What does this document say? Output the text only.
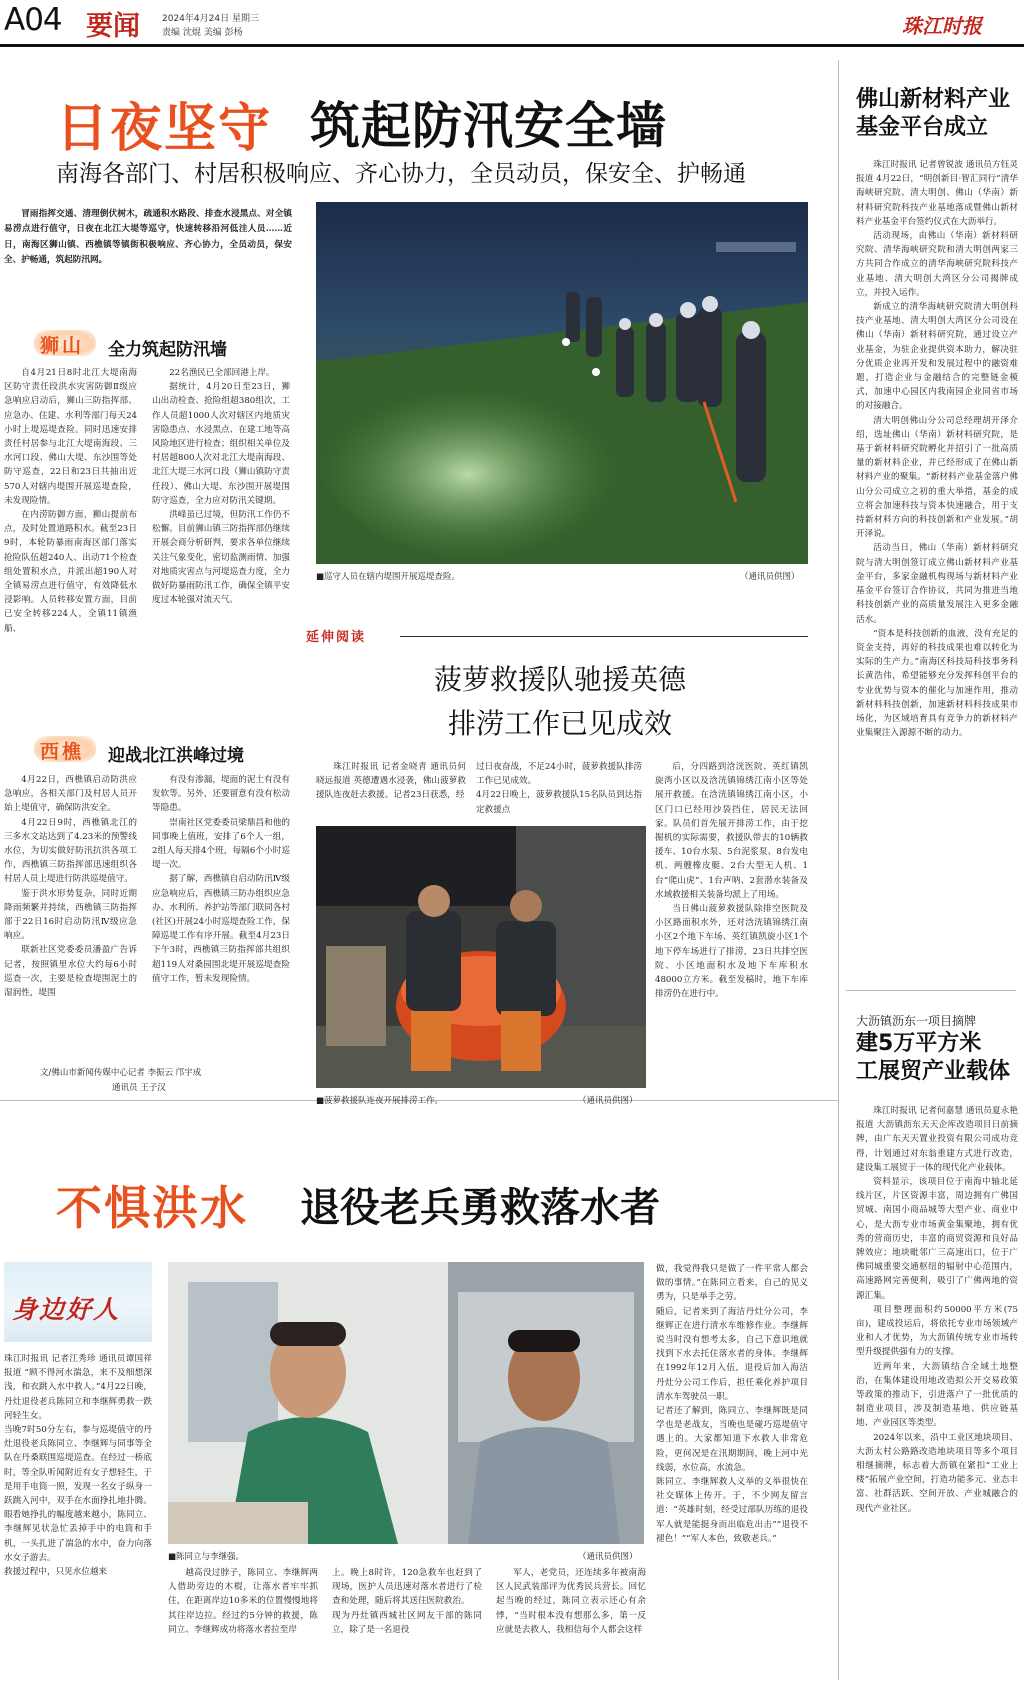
A04 要闻 2024年4月24日 星期三
责编 沈焜 美编 彭杨	珠江时报
日夜坚守 筑起防汛安全墙
南海各部门、村居积极响应、齐心协力，全员动员，保安全、护畅通

冒雨指挥交通、清理倒伏树木，疏通积水路段、排查水浸黑点、对全镇易涝点进行值守，日夜在北江大堤等巡守，快速转移沿河低洼人员……近日，南海区狮山镇、西樵镇等镇街积极响应、齐心协力，全员动员，保安全、护畅通，筑起防汛网。

狮山 全力筑起防汛墙

自4月21日8时北江大堤南海区防守责任段洪水灾害防御Ⅱ级应急响应启动后，狮山三防指挥部、应急办、住建、水利等部门每天24小时上堤巡堤查险。同时迅速安排责任村居参与北江大堤南海段、三水河口段、佛山大堤、东沙围等处防守巡查，22日和23日共抽出近570人对辖内堤围开展巡堤查险，未发现险情。

在内涝防御方面，狮山提前布点，及时处置道路积水。截至23日9时，本轮防暴雨南海区部门落实抢险队伍超240人、出动71个检查组处置积水点，并派出超190人对全镇易涝点进行值守，有效降低水浸影响。人员转移安置方面，目前已安全转移224人，全镇11镇渔船、

22名渔民已全部回港上岸。

据统计，4月20日至23日，狮山出动检查、抢险组超380组次，工作人员超1000人次对辖区内地质灾害隐患点、水浸黑点、在建工地等高风险地区进行检查；组织相关单位及村居超800人次对北江大堤南海段、北江大堤三水河口段（狮山镇防守责任段）、佛山大堤、东沙围开展堤围防守巡查，全力应对防汛关键期。

洪峰虽已过境，但防汛工作仍不松懈。目前狮山镇三防指挥部仍继续开展会商分析研判，要求各单位继续关注气象变化，密切监测雨情、加强对地质灾害点与河堤巡查力度，全力做好防暴雨防汛工作，确保全镇平安度过本轮强对流天气。

西樵 迎战北江洪峰过境

4月22日，西樵镇启动防洪应急响应，各相关部门及村居人员开始上堤值守，确保防洪安全。

4月22日9时，西樵镇北江的三多水文站达到了4.23米的预警线水位，为切实做好防汛抗洪各项工作，西樵镇三防指挥部迅速组织各村居人员上堤进行防洪巡堤值守。

鉴于洪水形势复杂，同时近期降雨频繁并持续，西樵镇三防指挥部于22日16时启动防汛Ⅳ级应急响应。

联新社区党委委员潘盈广告诉记者，按照镇里水位大约每6小时巡查一次，主要是检查堤围泥土的湿润性，堤围

有没有渗漏，堤面的泥土有没有发软等。另外，还要留意有没有松动等隐患。

崇南社区党委委员梁鼎昌和他的同事晚上值班，安排了6个人一组，2组人每天排4个班，每隔6个小时巡堤一次。

据了解，西樵镇自启动防汛Ⅳ级应急响应后，西樵镇三防办组织应急办、水利所、养护站等部门联同各村(社区)开展24小时巡堤查险工作，保障巡堤工作有序开展。截至4月23日下午3时，西樵镇三防指挥部共组织超119人对桑园围北堤开展巡堤查险值守工作，暂未发现险情。

文/佛山市新闻传媒中心记者 李振云 邝宇成
通讯员 王子汉
■巡守人员在辖内堤围开展巡堤查险。	（通讯员供图）
延伸阅读
菠萝救援队驰援英德
排涝工作已见成效

珠江时报讯 记者金晓青 通讯员何晓远报道 英德遭遇水浸袭，佛山菠萝救援队连夜赶去救援。记者23日获悉，经

过日夜奋战，不足24小时，菠萝救援队排涝工作已见成效。
4月22日晚上，菠萝救援队15名队员到达指定救援点

后，分四路到浛洸医院、英红镇凯旋湾小区以及浛洸镇锦绣江南小区等处展开救援。在浛洸镇锦绣江南小区，小区门口已经用沙袋挡住，居民无法回家。队员们首先展开排涝工作，由于挖掘机的实际需要，救援队带去的10辆救援车、10台水泵、5台泥浆泵、8台发电机、两艘橡皮艇、2台大型无人机、1台“爬山虎”、1台声呐、2套潜水装备及水域救援相关装备均派上了用场。

当日佛山菠萝救援队除排空医院及小区路面积水外，还对浛洸镇锦绣江南小区2个地下车场、英红镇凯旋小区1个地下停车场进行了排涝，23日共排空医院、小区地面积水及地下车库积水48000立方米。截至发稿时，地下车库排涝仍在进行中。

■菠萝救援队连夜开展排涝工作。	（通讯员供图）
佛山新材料产业
基金平台成立

珠江时报讯 记者曾锐波 通讯员方钰灵报道 4月22日，“明创新目·智汇同行”清华海峡研究院、清大明创、佛山（华南）新材料研究院科技产业基地落成暨佛山新材料产业基金平台签约仪式在大沥举行。

活动现场，由佛山（华南）新材料研究院、清华海峡研究院和清大明创两家三方共同合作成立的清华海峡研究院科技产业基地、清大明创大湾区分公司揭牌成立，并投入运作。

新成立的清华海峡研究院清大明创科技产业基地、清大明创大湾区分公司设在佛山（华南）新材料研究院，通过设立产业基金，为驻企业提供资本助力，解决驻分优质企业再开发和发展过程中的融资难题，打造企业与金融结合的完整链金模式，加速中心园区内我南园企业同省市场的对接融合。

清大明创佛山分公司总经理胡开泽介绍，选址佛山（华南）新材料研究院，是基于新材料研究院孵化并招引了一批高质量的新材料企业，并已经形成了在佛山新材料产业的聚集。“新材料产业基金落户佛山分公司成立之初的重大举措，基金的成立将会加速科技与资本快速融合，用于支持新材料方向的科技创新和产业发展。”胡开泽说。

活动当日，佛山（华南）新材料研究院与清大明创签订成立佛山新材料产业基金平台，多家金融机构现场与新材料产业基金平台签订合作协议，共同为推进当地科技创新产业的高质量发展注入更多金融活水。

“资本是科技创新的血液，没有充足的资金支持，再好的科技成果也难以转化为实际的生产力。”南海区科技局科技事务科长黄浩伟，希望能够充分发挥科创平台的专业优势与资本的催化与加速作用，推动新材料科技创新，加速新材料科技成果市场化，为区域培育具有竞争力的新材料产业集聚注入源源不断的动力。

大沥镇沥东一项目摘牌
建5万平方米
工展贸产业载体

珠江时报讯 记者何嘉慧 通讯员夏永艳报道 大沥镇沥东天天企库改造项目日前摘牌，由广东天天置业投资有限公司成功竞得，计划通过对东翁重建方式进行改造，建设集工展贸于一体的现代化产业载体。

资料显示，该项目位于南海中轴北延线片区，片区资源丰富，周边拥有广佛国贸城、南国小商品城等大型产业、商业中心，是大沥专业市场黄金集聚地，拥有优秀的营商历史，丰富的商贸资源和良好品牌效应；地块毗邻广三高速出口，位于广佛同城重要交通枢纽的辐射中心范围内，高速路网完善便利，吸引了广佛两地的资源汇集。

项目整理面积约50000平方米(75亩)，建成投运后，将依托专业市场领域产业和人才优势，为大沥镇传统专业市场转型升级提供强有力的支撑。

近两年来，大沥镇结合全域土地整治，在集体建设用地改造拟公开交易政策等政策的推动下，引进落户了一批优质的制造业项目，涉及制造基地、供应链基地、产业园区等类型。

2024年以来，沿中工业区地块项目、大沥太村公路路改造地块项目等多个项目相继摘牌，标志着大沥镇在紧扣“工业上楼”拓展产业空间，打造功能多元、业态丰富、社群活跃、空间开放、产业城融合的现代产业社区。

不惧洪水 退役老兵勇救落水者
身边好人
珠江时报讯 记者江秀珍 通讯员谭国祥报道 “顾不得河水湍急，来不及细想深浅，和衣跳入水中救人。”4月22日晚，丹灶退役老兵陈同立和李继辉勇救一跌河轻生女。
当晚7时50分左右，参与巡堤值守的丹灶退役老兵陈同立、李继辉与同事等全队在丹桑联围巡堤巡查。在经过一桥底时，等全队听闻附近有女子想轻生，于是用手电筒一照，发现一名女子纵身一跃跳入河中，双手在水面挣扎地扑腾。眼看她挣扎的幅度越来越小，陈同立、李继辉见状急忙丢掉手中的电筒和手机，一头扎进了湍急的水中，奋力向落水女子游去。
救援过程中，只见水位越来
■陈同立与李继强。	（通讯员供图）
做，我觉得我只是做了一件平常人都会做的事情。”在陈同立看来，自己的见义勇为，只是举手之劳。
随后，记者来到了海洁丹灶分公司，李继辉正在进行清水车维修作业。李继辉说当时没有想考太多，自己下意识地就找到下水去托住落水者的身体。李继辉在1992年12月入伍，退役后加入海洁丹灶分公司工作后，担任乘化养护项目清水车驾驶员一职。
记者还了解到，陈同立、李继辉既是同学也是老战友，当晚也是碰巧巡堤值守遇上的。大家都知道下水救人非常危险，更何况是在汛期期间，晚上河中光线弱，水位高，水流急。
陈同立、李继辉救人义举的义举很快在社交媒体上传开。于，不少网友留言道：“英雄时刻，经受过部队历练的退役军人就是能挺身而出临危出击”“退役不褪色！”“军人本色，致敬老兵。”

越高没过脖子，陈同立、李继辉两人借助旁边的木棍，让落水者牢牢抓住，在距离岸边10多米的位置慢慢地将其往岸边拉。经过约5分钟的救援，陈同立、李继辉成功将落水者拉至岸

上。晚上8时许，120急救车也赶到了现场，医护人员迅速对落水者进行了检查和处理，随后将其送往医院救治。
现为丹灶镇西城社区网友干部的陈同立，除了是一名退役

军人，老党员，还连续多年被南海区人民武装部评为优秀民兵营长。回忆起当晚的经过，陈同立表示还心有余悸，“当时根本没有想那么多，第一反应就是去救人，我相信每个人都会这样
